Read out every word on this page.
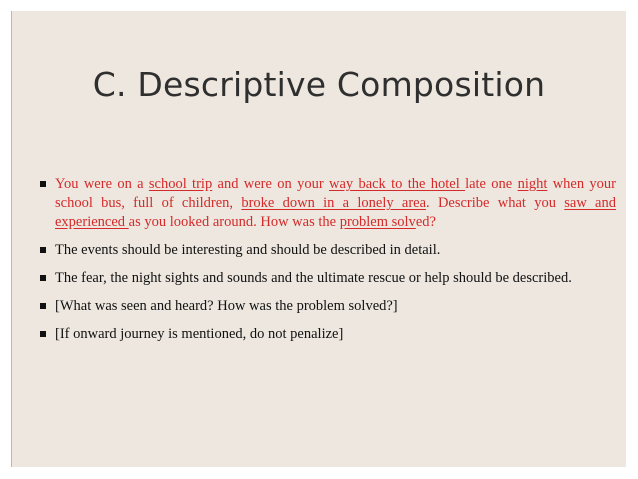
C. Descriptive Composition
You were on a school trip and were on your way back to the hotel late one night when your school bus, full of children, broke down in a lonely area. Describe what you saw and experienced as you looked around. How was the problem solved?
The events should be interesting and should be described in detail.
The fear, the night sights and sounds and the ultimate rescue or help should be described.
[What was seen and heard? How was the problem solved?]
[If onward journey is mentioned, do not penalize]
